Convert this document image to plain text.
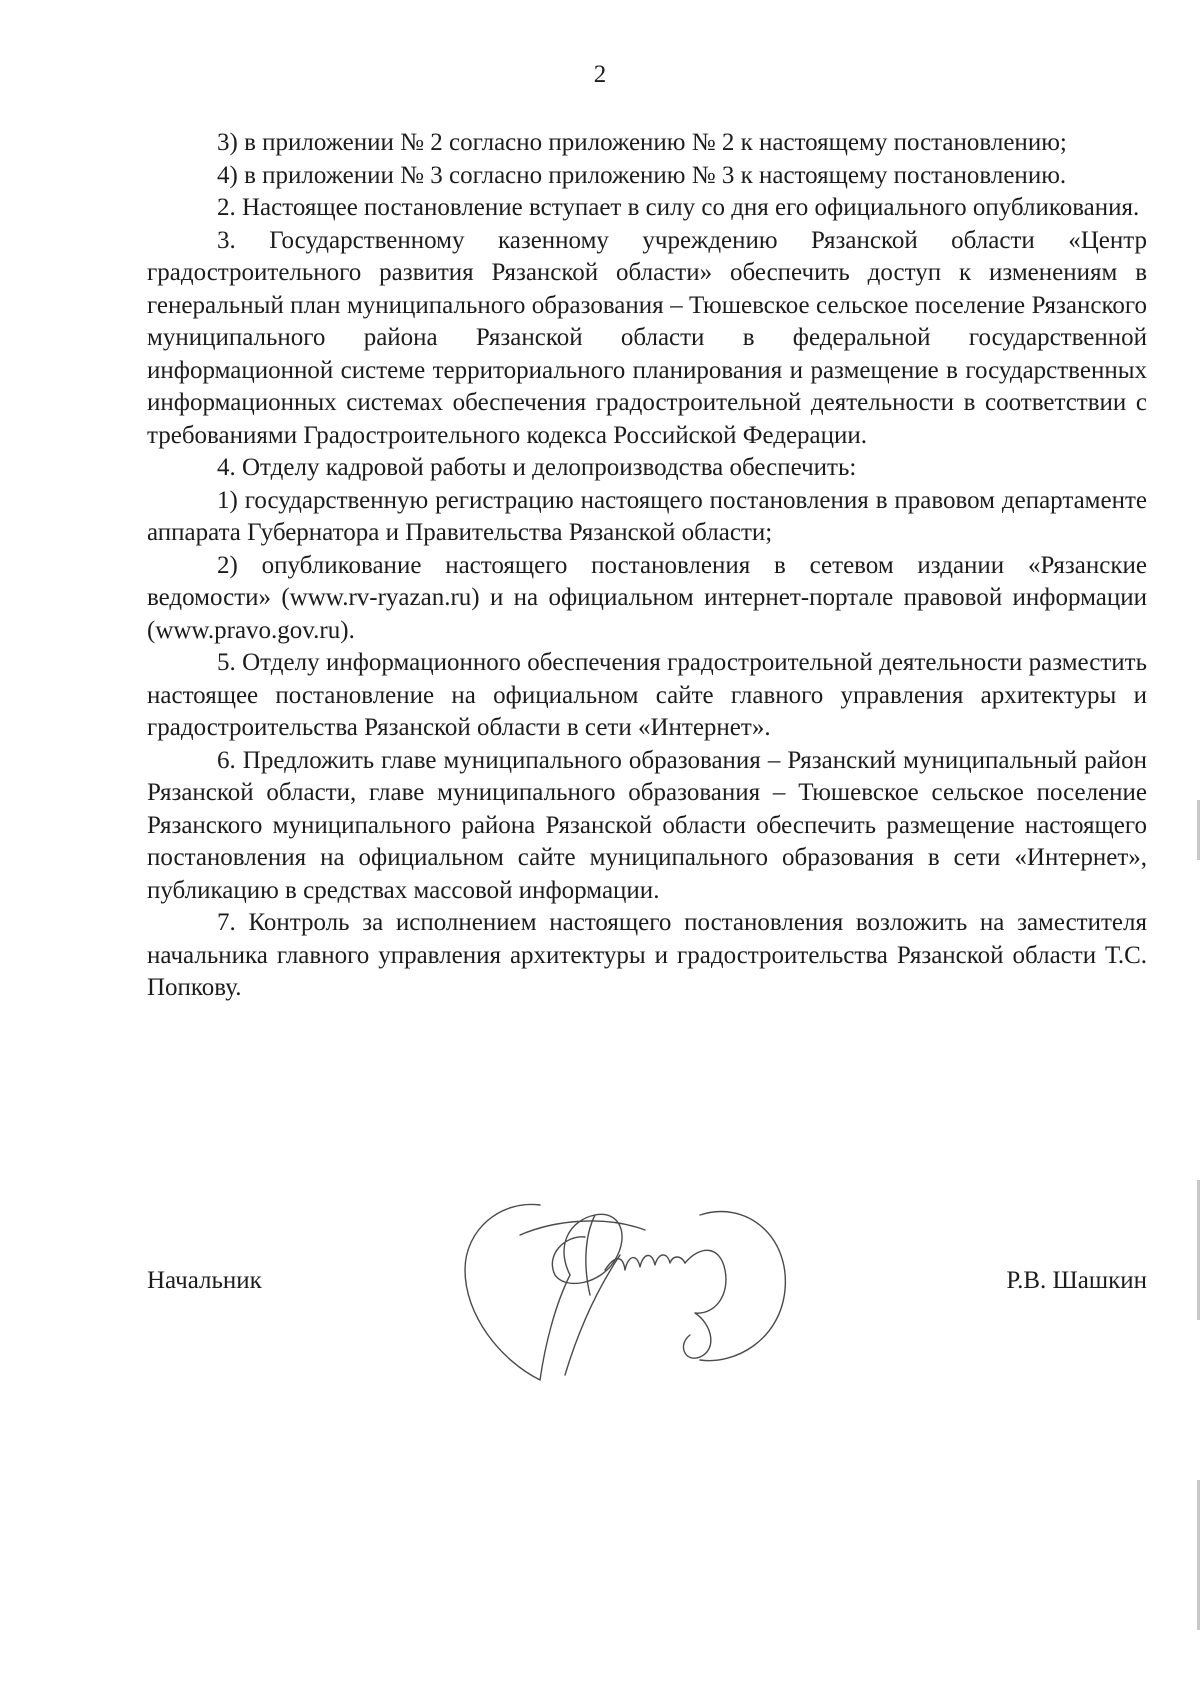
2

3) в приложении № 2 согласно приложению № 2 к настоящему постановлению;

4) в приложении № 3 согласно приложению № 3 к настоящему постановлению.

2. Настоящее постановление вступает в силу со дня его официального опубликования.

3. Государственному казенному учреждению Рязанской области «Центр градостроительного развития Рязанской области» обеспечить доступ к изменениям в генеральный план муниципального образования – Тюшевское сельское поселение Рязанского муниципального района Рязанской области в федеральной государственной информационной системе территориального планирования и размещение в государственных информационных системах обеспечения градостроительной деятельности в соответствии с требованиями Градостроительного кодекса Российской Федерации.

4. Отделу кадровой работы и делопроизводства обеспечить:

1) государственную регистрацию настоящего постановления в правовом департаменте аппарата Губернатора и Правительства Рязанской области;

2) опубликование настоящего постановления в сетевом издании «Рязанские ведомости» (www.rv-ryazan.ru) и на официальном интернет-портале правовой информации (www.pravo.gov.ru).

5. Отделу информационного обеспечения градостроительной деятельности разместить настоящее постановление на официальном сайте главного управления архитектуры и градостроительства Рязанской области в сети «Интернет».

6. Предложить главе муниципального образования – Рязанский муниципальный район Рязанской области, главе муниципального образования – Тюшевское сельское поселение Рязанского муниципального района Рязанской области обеспечить размещение настоящего постановления на официальном сайте муниципального образования в сети «Интернет», публикацию в средствах массовой информации.

7. Контроль за исполнением настоящего постановления возложить на заместителя начальника главного управления архитектуры и градостроительства Рязанской области Т.С. Попкову.

Начальник	Р.В. Шашкин
